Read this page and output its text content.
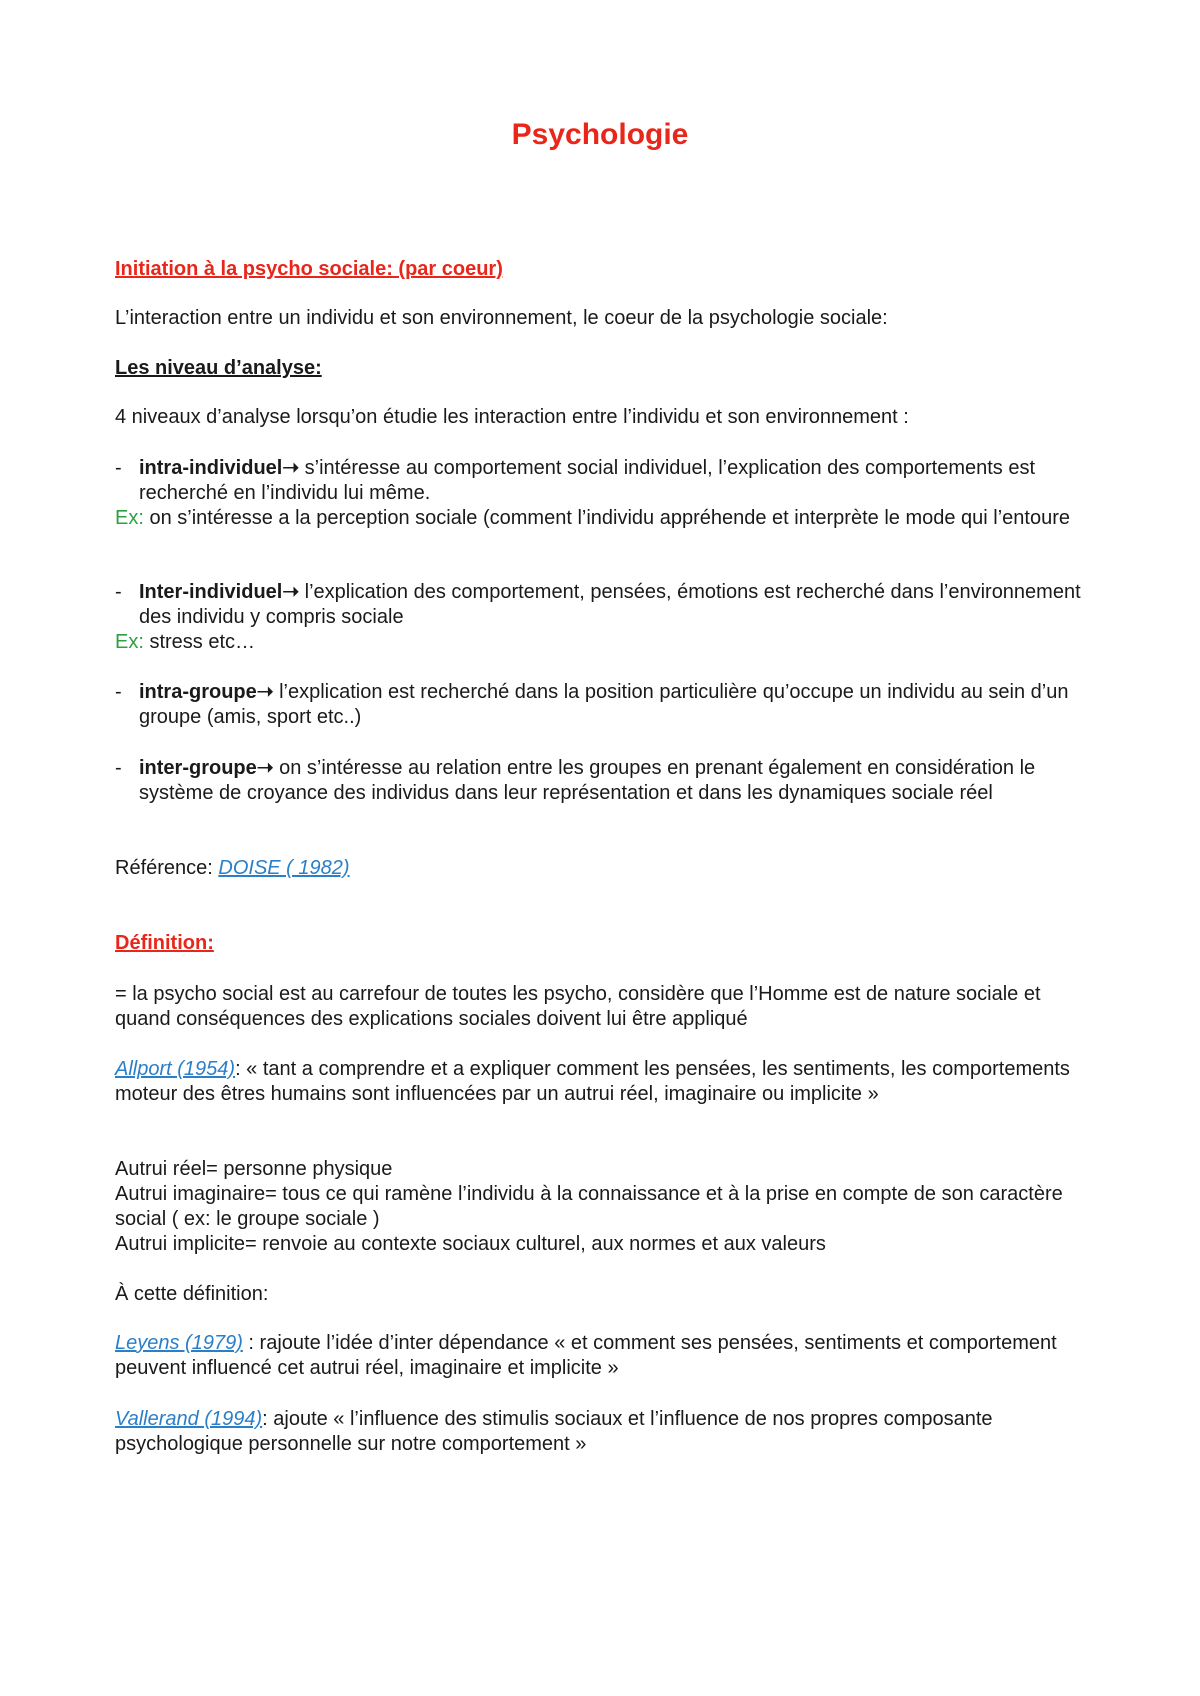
Psychologie

Initiation à la psycho sociale: (par coeur)

L’interaction entre un individu et son environnement, le coeur de la psychologie sociale:

Les niveau d’analyse:

4 niveaux d’analyse lorsqu’on étudie les interaction entre l’individu et son environnement :

- intra-individuel➝ s’intéresse au comportement social individuel, l’explication des comportements est recherché en l’individu lui même.

Ex: on s’intéresse a la perception sociale (comment l’individu appréhende et interprète le mode qui l’entoure

- Inter-individuel➝ l’explication des comportement, pensées, émotions est recherché dans l’environnement des individu y compris sociale

Ex: stress etc…

- intra-groupe➝ l’explication est recherché dans la position particulière qu’occupe un individu au sein d’un groupe (amis, sport etc..)
- inter-groupe➝ on s’intéresse au relation entre les groupes en prenant également en considération le système de croyance des individus dans leur représentation et dans les dynamiques sociale réel

Référence: DOISE ( 1982)

Définition:

= la psycho social est au carrefour de toutes les psycho, considère que l’Homme est de nature sociale et quand conséquences des explications sociales doivent lui être appliqué

Allport (1954): « tant a comprendre et a expliquer comment les pensées, les sentiments, les comportements moteur des êtres humains sont influencées par un autrui réel, imaginaire ou implicite »

Autrui réel= personne physique

Autrui imaginaire= tous ce qui ramène l’individu à la connaissance et à la prise en compte de son caractère social ( ex: le groupe sociale )

Autrui implicite= renvoie au contexte sociaux culturel, aux normes et aux valeurs

À cette définition:

Leyens (1979) : rajoute l’idée d’inter dépendance « et comment ses pensées, sentiments et comportement peuvent influencé cet autrui réel, imaginaire et implicite »

Vallerand (1994): ajoute « l’influence des stimulis sociaux et l’influence de nos propres composante psychologique personnelle sur notre comportement »
